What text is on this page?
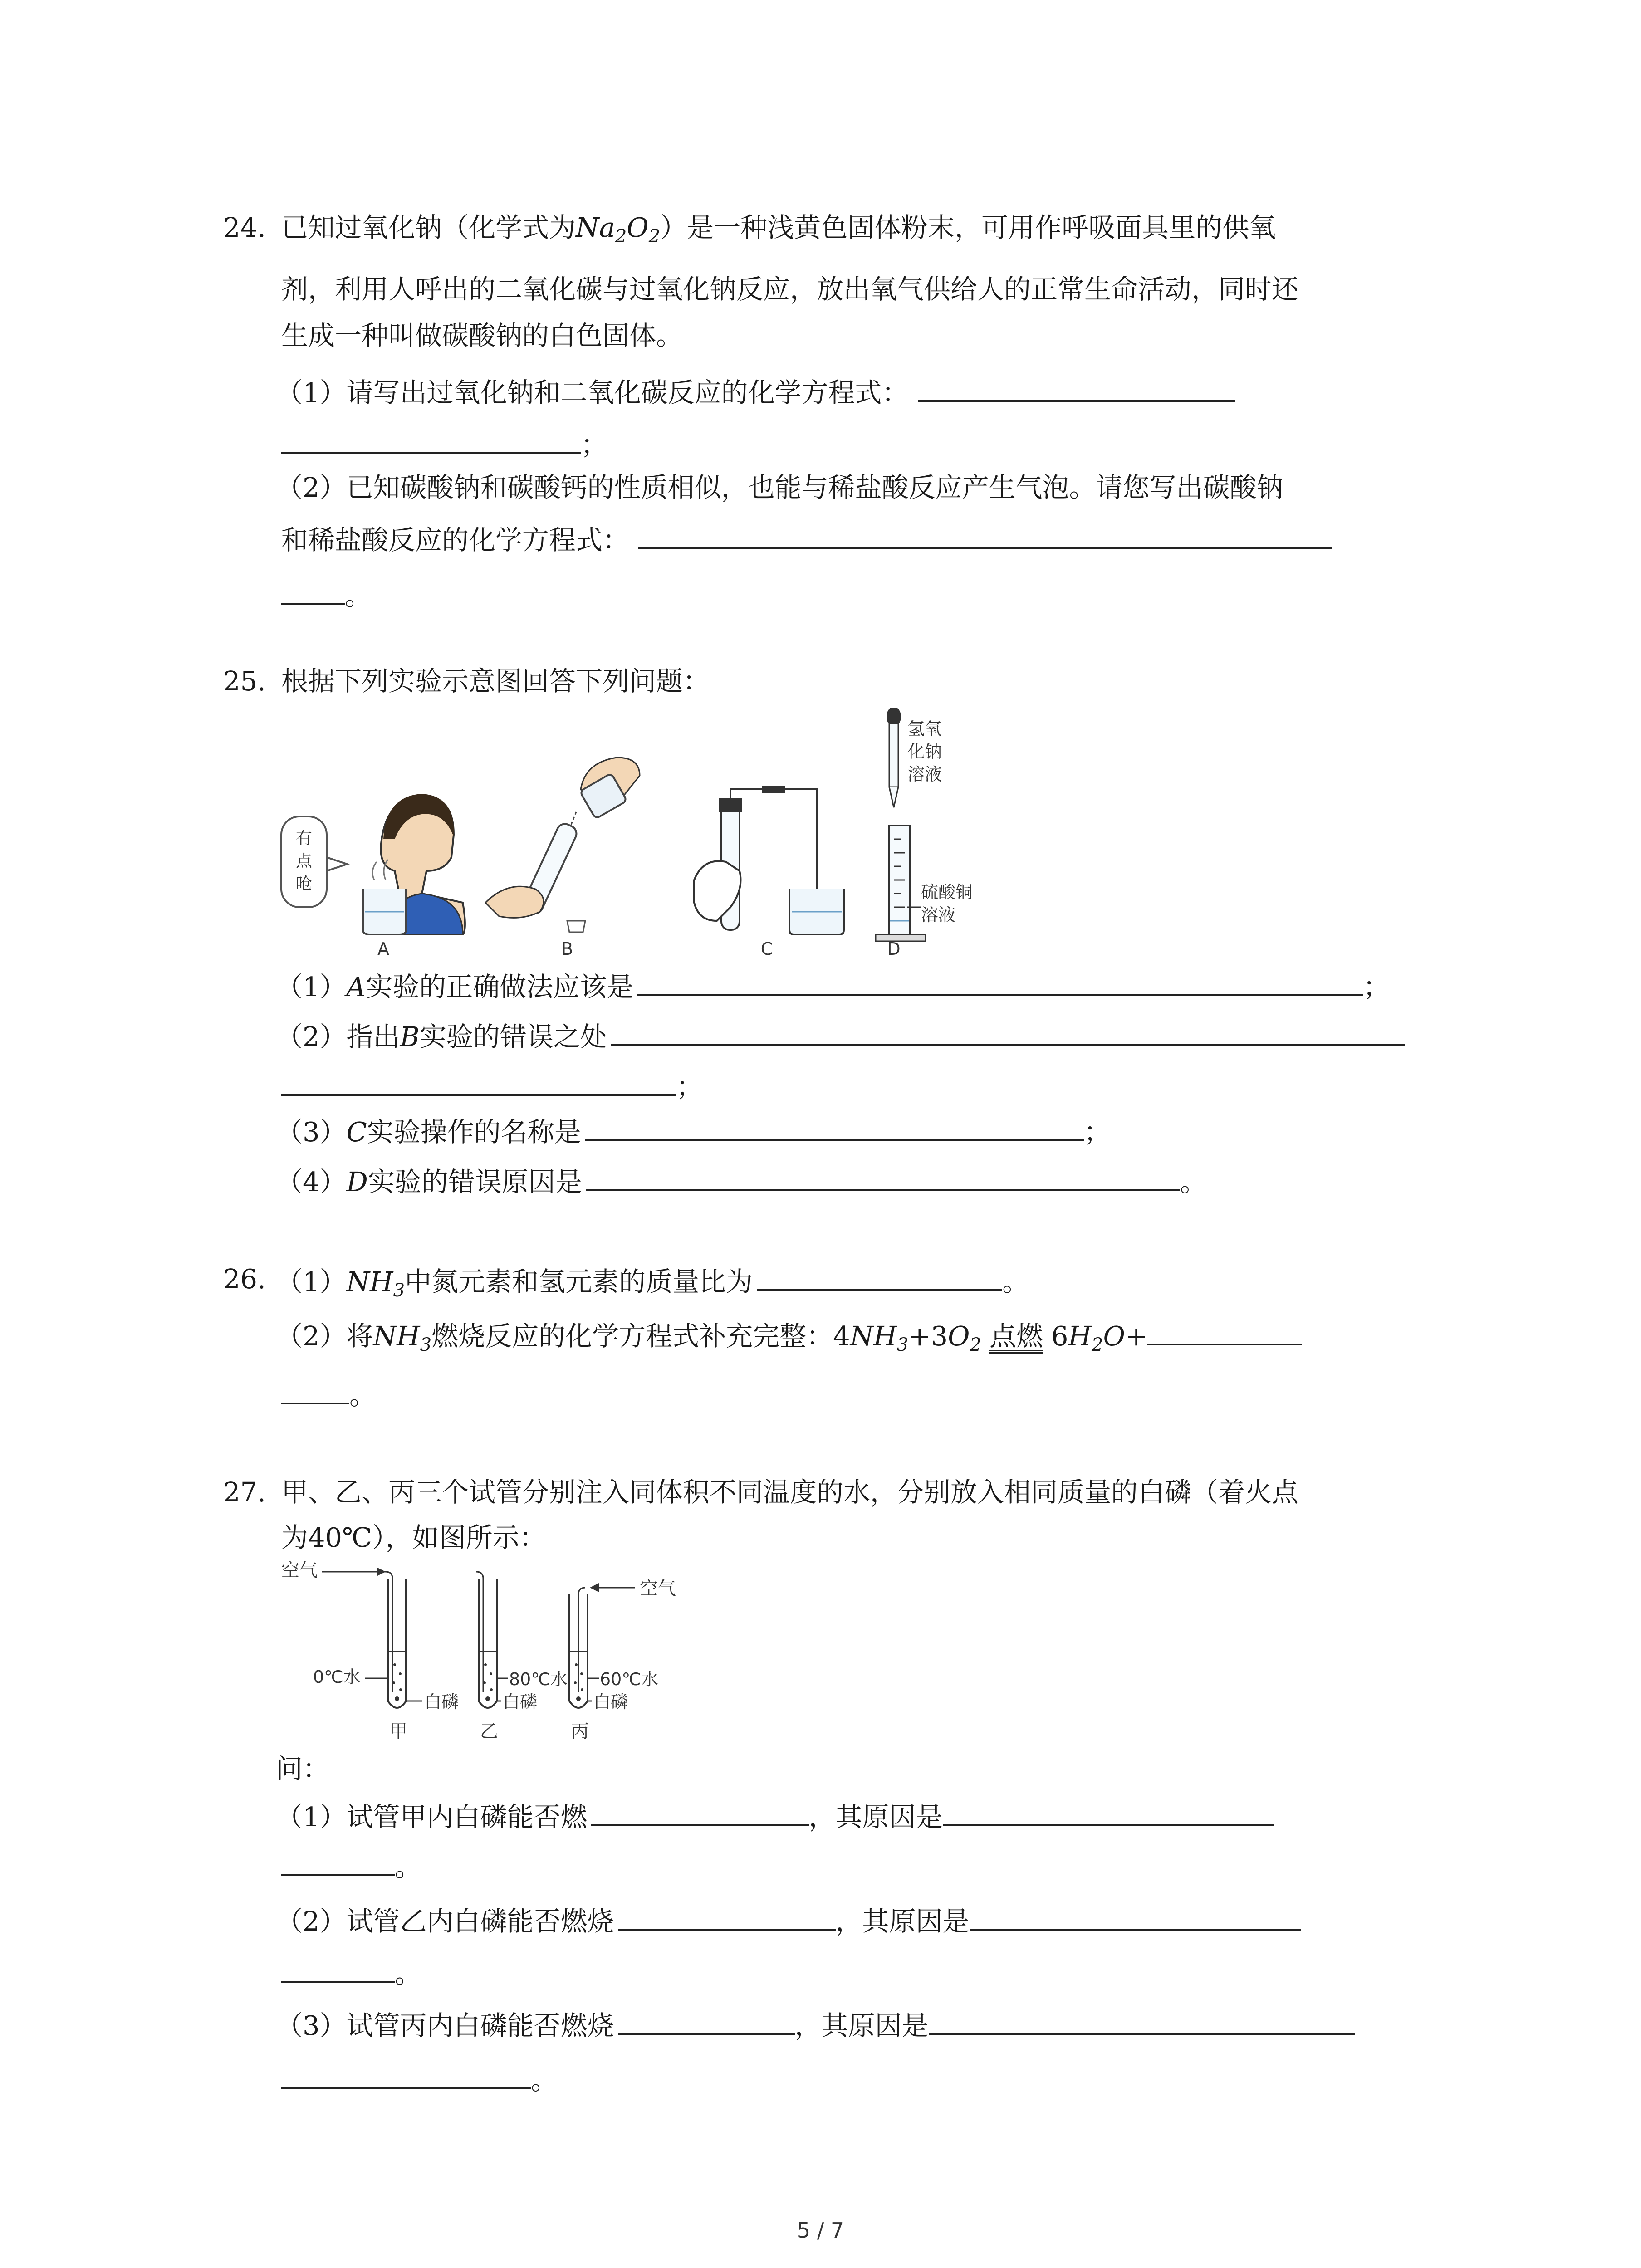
24. 已知过氧化钠（化学式为$Na_2O_2$）是一种浅黄色固体粉末，可用作呼吸面具里的供氧
剂，利用人呼出的二氧化碳与过氧化钠反应，放出氧气供给人的正常生命活动，同时还
生成一种叫做碳酸钠的白色固体。
（1）请写出过氧化钠和二氧化碳反应的化学方程式：
；
（2）已知碳酸钠和碳酸钙的性质相似，也能与稀盐酸反应产生气泡。请您写出碳酸钠
和稀盐酸反应的化学方程式：
。
25. 根据下列实验示意图回答下列问题：
有
点
呛
A	B	C
氢氧
化钠
溶液
硫酸铜
溶液
D
（1）A实验的正确做法应该是	；
（2）指出B实验的错误之处
；
（3）C实验操作的名称是	；
（4）D实验的错误原因是	。
26. $(1)NH_3$中氮元素和氢元素的质量比为	。
（2）将$NH_3$燃烧反应的化学方程式补充完整：$4NH_3+3O_2$ 点燃 $6H_2O+$
。
27. 甲、乙、丙三个试管分别注入同体积不同温度的水，分别放入相同质量的白磷（着火点
为40℃），如图所示：
空气
0℃水
白磷
甲
80℃水
白磷
乙
空气
60℃水
白磷
丙
问：
（1）试管甲内白磷能否燃	，其原因是
。
（2）试管乙内白磷能否燃烧	，其原因是
。
（3）试管丙内白磷能否燃烧	，其原因是
。
5 / 7
